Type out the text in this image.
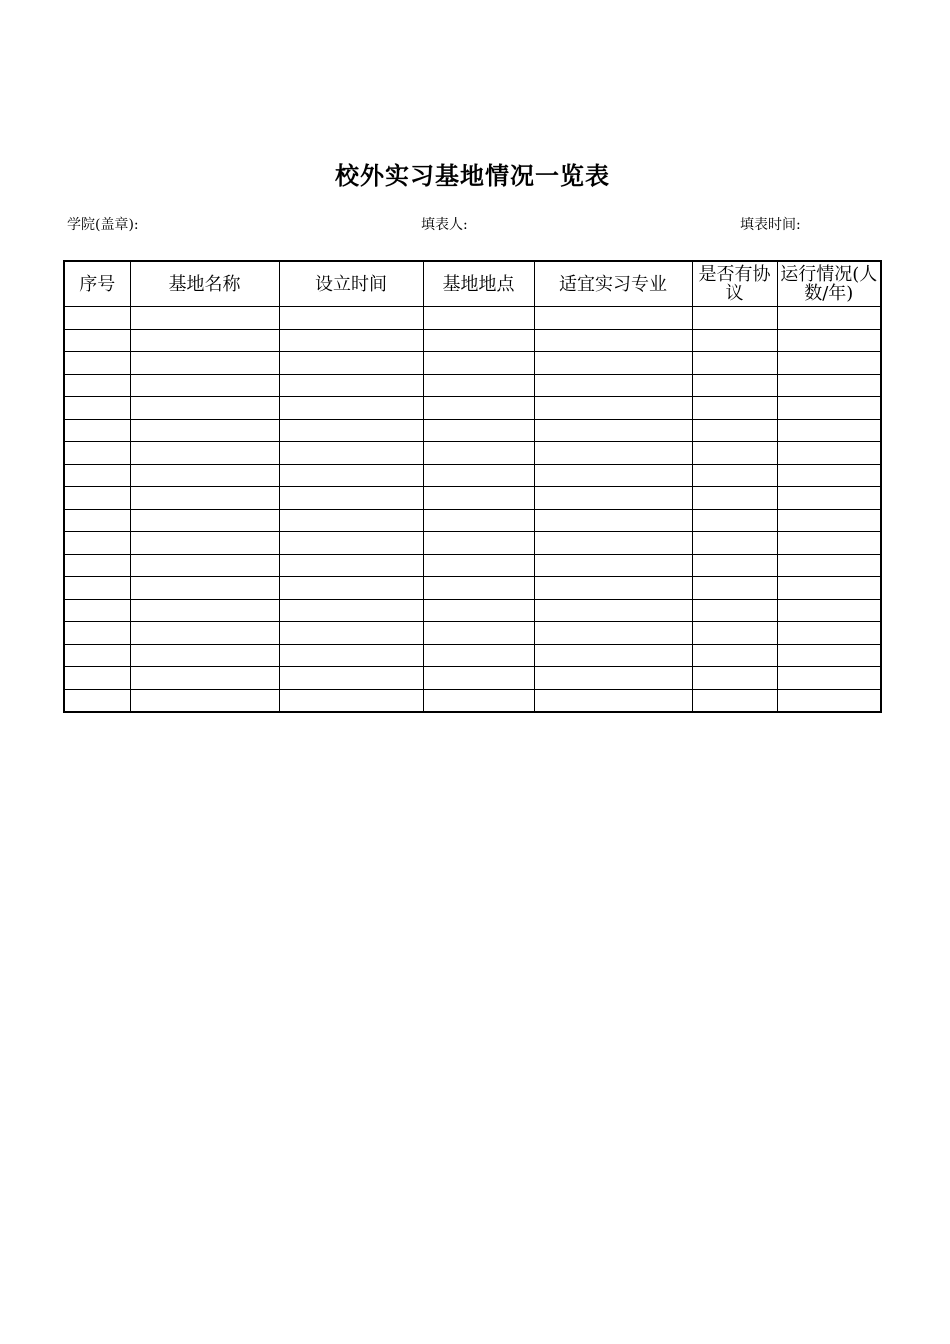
校外实习基地情况一览表
学院(盖章):	填表人:	填表时间:
序号	基地名称	设立时间	基地地点	适宜实习专业	是否有协议	运行情况(人数/年)
